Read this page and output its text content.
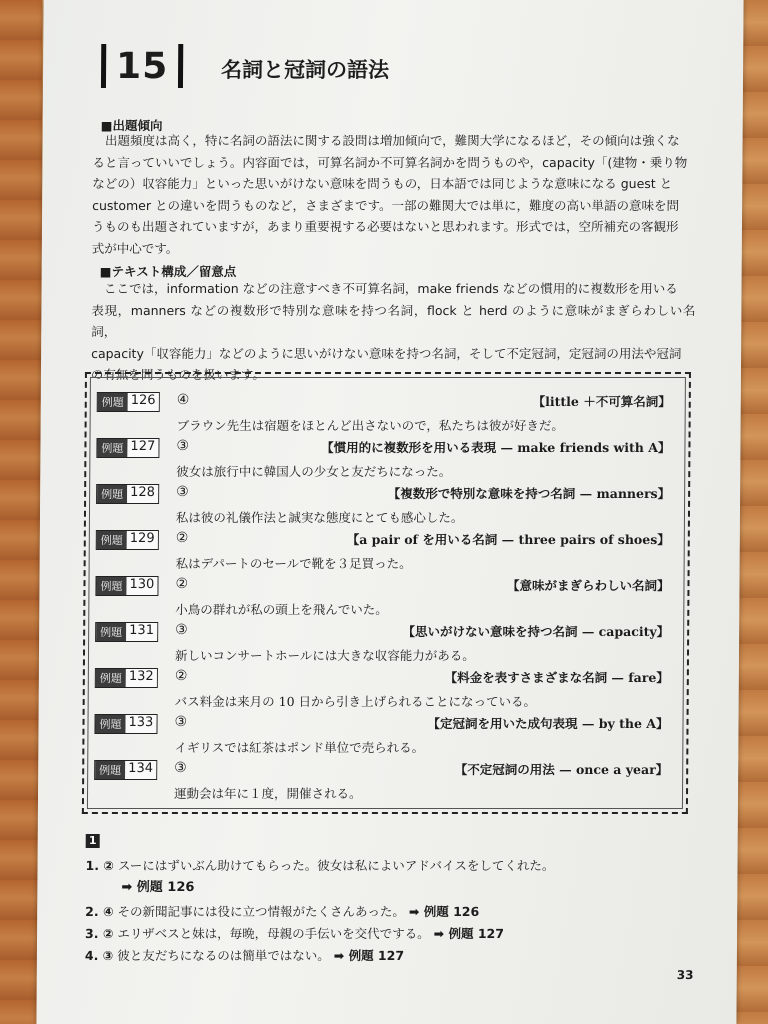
15	名詞と冠詞の語法
■出題傾向
出題頻度は高く，特に名詞の語法に関する設問は増加傾向で，難関大学になるほど，その傾向は強くな
ると言っていいでしょう。内容面では，可算名詞か不可算名詞かを問うものや，capacity「(建物・乗り物
などの）収容能力」といった思いがけない意味を問うもの，日本語では同じような意味になる guest と
customer との違いを問うものなど，さまざまです。一部の難関大では単に，難度の高い単語の意味を問
うものも出題されていますが，あまり重要視する必要はないと思われます。形式では，空所補充の客観形
式が中心です。
■テキスト構成／留意点
ここでは，information などの注意すべき不可算名詞，make friends などの慣用的に複数形を用いる
表現，manners などの複数形で特別な意味を持つ名詞，flock と herd のように意味がまぎらわしい名詞，
capacity「収容能力」などのように思いがけない意味を持つ名詞，そして不定冠詞，定冠詞の用法や冠詞
の有無を問うものを扱います。
例題 126 ④	【little ＋不可算名詞】
ブラウン先生は宿題をほとんど出さないので，私たちは彼が好きだ。
例題 127 ③	【慣用的に複数形を用いる表現 — make friends with A】
彼女は旅行中に韓国人の少女と友だちになった。
例題 128 ③	【複数形で特別な意味を持つ名詞 — manners】
私は彼の礼儀作法と誠実な態度にとても感心した。
例題 129 ②	【a pair of を用いる名詞 — three pairs of shoes】
私はデパートのセールで靴を３足買った。
例題 130 ②	【意味がまぎらわしい名詞】
小鳥の群れが私の頭上を飛んでいた。
例題 131 ③	【思いがけない意味を持つ名詞 — capacity】
新しいコンサートホールには大きな収容能力がある。
例題 132 ②	【料金を表すさまざまな名詞 — fare】
バス料金は来月の 10 日から引き上げられることになっている。
例題 133 ③	【定冠詞を用いた成句表現 — by the A】
イギリスでは紅茶はポンド単位で売られる。
例題 134 ③	【不定冠詞の用法 — once a year】
運動会は年に１度，開催される。
1
1. ② スーにはずいぶん助けてもらった。彼女は私によいアドバイスをしてくれた。
➡ 例題 126
2. ④ その新聞記事には役に立つ情報がたくさんあった。 ➡ 例題 126
3. ② エリザベスと妹は，毎晩，母親の手伝いを交代でする。 ➡ 例題 127
4. ③ 彼と友だちになるのは簡単ではない。 ➡ 例題 127
33
